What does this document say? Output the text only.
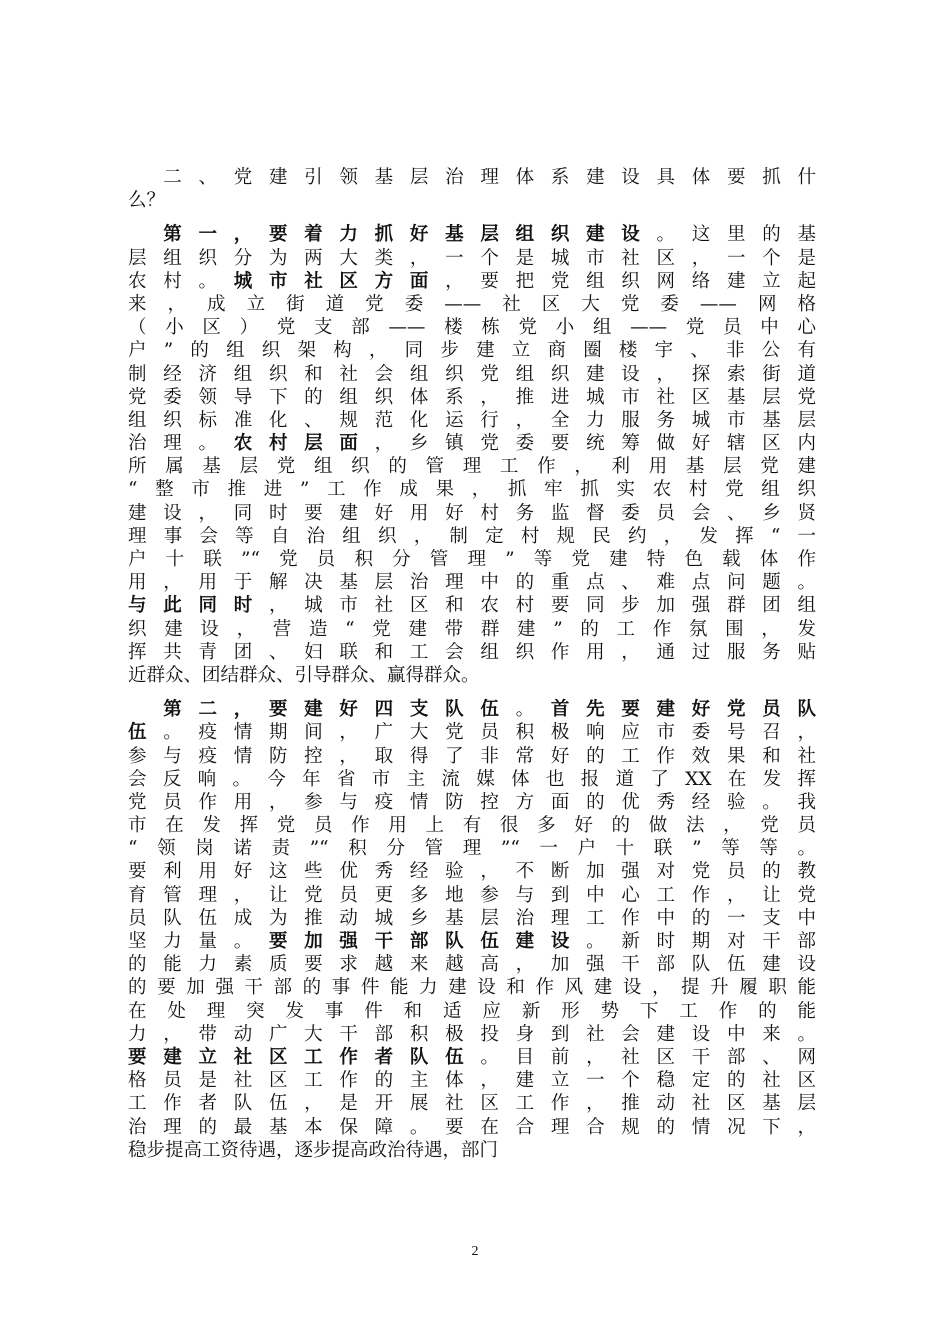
　二、党建引领基层治理体系建设具体要抓什
么？
　第一，要着力抓好基层组织建设。这里的基
层组织分为两大类，一个是城市社区，一个是
农村。城市社区方面，要把党组织网络建立起
来，成立街道党委——社区大党委——网格
（小区）党支部——楼栋党小组——党员中心
户”的组织架构，同步建立商圈楼宇、非公有
制经济组织和社会组织党组织建设，探索街道
党委领导下的组织体系，推进城市社区基层党
组织标准化、规范化运行，全力服务城市基层
治理。农村层面，乡镇党委要统筹做好辖区内
所属基层党组织的管理工作，利用基层党建
“整市推进”工作成果，抓牢抓实农村党组织
建设，同时要建好用好村务监督委员会、乡贤
理事会等自治组织，制定村规民约，发挥“一
户十联”“党员积分管理”等党建特色载体作
用，用于解决基层治理中的重点、难点问题。
与此同时，城市社区和农村要同步加强群团组
织建设，营造“党建带群建”的工作氛围，发
挥共青团、妇联和工会组织作用，通过服务贴
近群众、团结群众、引导群众、赢得群众。
　第二，要建好四支队伍。首先要建好党员队
伍。疫情期间，广大党员积极响应市委号召，
参与疫情防控，取得了非常好的工作效果和社
会反响。今年省市主流媒体也报道了XX在发挥
党员作用，参与疫情防控方面的优秀经验。我
市在发挥党员作用上有很多好的做法，党员
“领岗诺责”“积分管理”“一户十联”等等。
要利用好这些优秀经验，不断加强对党员的教
育管理，让党员更多地参与到中心工作，让党
员队伍成为推动城乡基层治理工作中的一支中
坚力量。要加强干部队伍建设。新时期对干部
的能力素质要求越来越高，加强干部队伍建设
的要加强干部的事件能力建设和作风建设，提升履职能
在处理突发事件和适应新形势下工作的能
力，带动广大干部积极投身到社会建设中来。
要建立社区工作者队伍。目前，社区干部、网
格员是社区工作的主体，建立一个稳定的社区
工作者队伍，是开展社区工作，推动社区基层
治理的最基本保障。要在合理合规的情况下，
稳步提高工资待遇，逐步提高政治待遇，部门
2
